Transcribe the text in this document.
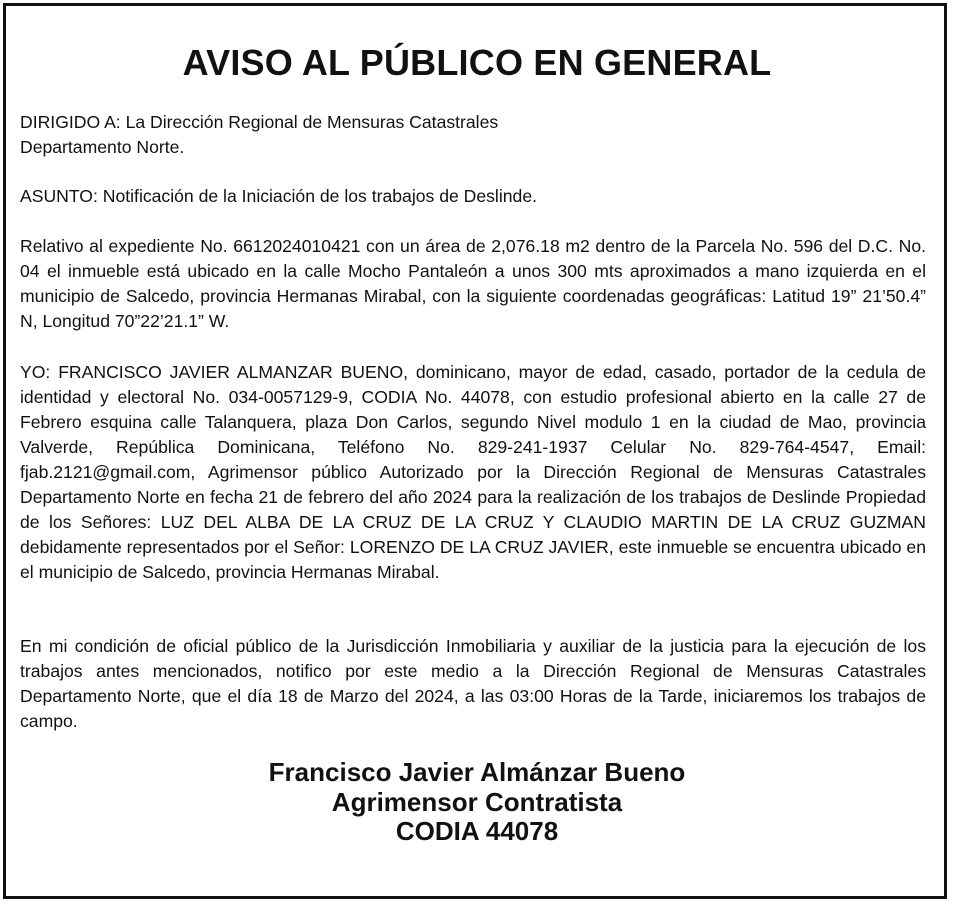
AVISO AL PÚBLICO EN GENERAL

DIRIGIDO A: La Dirección Regional de Mensuras Catastrales
Departamento Norte.

ASUNTO: Notificación de la Iniciación de los trabajos de Deslinde.

Relativo al expediente No. 6612024010421 con un área de 2,076.18 m2 dentro de la Parcela No. 596 del D.C. No. 04 el inmueble está ubicado en la calle Mocho Pantaleón a unos 300 mts aproximados a mano izquierda en el municipio de Salcedo, provincia Hermanas Mirabal, con la siguiente coordenadas geográficas: Latitud 19” 21’50.4” N, Longitud 70”22’21.1” W.

YO: FRANCISCO JAVIER ALMANZAR BUENO, dominicano, mayor de edad, casado, portador de la cedula de identidad y electoral No. 034-0057129-9, CODIA No. 44078, con estudio profesional abierto en la calle 27 de Febrero esquina calle Talanquera, plaza Don Carlos, segundo Nivel modulo 1 en la ciudad de Mao, provincia Valverde, República Dominicana, Teléfono No. 829-241-1937 Celular No. 829-764-4547, Email: fjab.2121@gmail.com, Agrimensor público Autorizado por la Dirección Regional de Mensuras Catastrales Departamento Norte en fecha 21 de febrero del año 2024 para la realización de los trabajos de Deslinde Propiedad de los Señores: LUZ DEL ALBA DE LA CRUZ DE LA CRUZ Y CLAUDIO MARTIN DE LA CRUZ GUZMAN debidamente representados por el Señor: LORENZO DE LA CRUZ JAVIER, este inmueble se encuentra ubicado en el municipio de Salcedo, provincia Hermanas Mirabal.

En mi condición de oficial público de la Jurisdicción Inmobiliaria y auxiliar de la justicia para la ejecución de los trabajos antes mencionados, notifico por este medio a la Dirección Regional de Mensuras Catastrales Departamento Norte, que el día 18 de Marzo del 2024, a las 03:00 Horas de la Tarde, iniciaremos los trabajos de campo.

Francisco Javier Almánzar Bueno
Agrimensor Contratista
CODIA 44078
